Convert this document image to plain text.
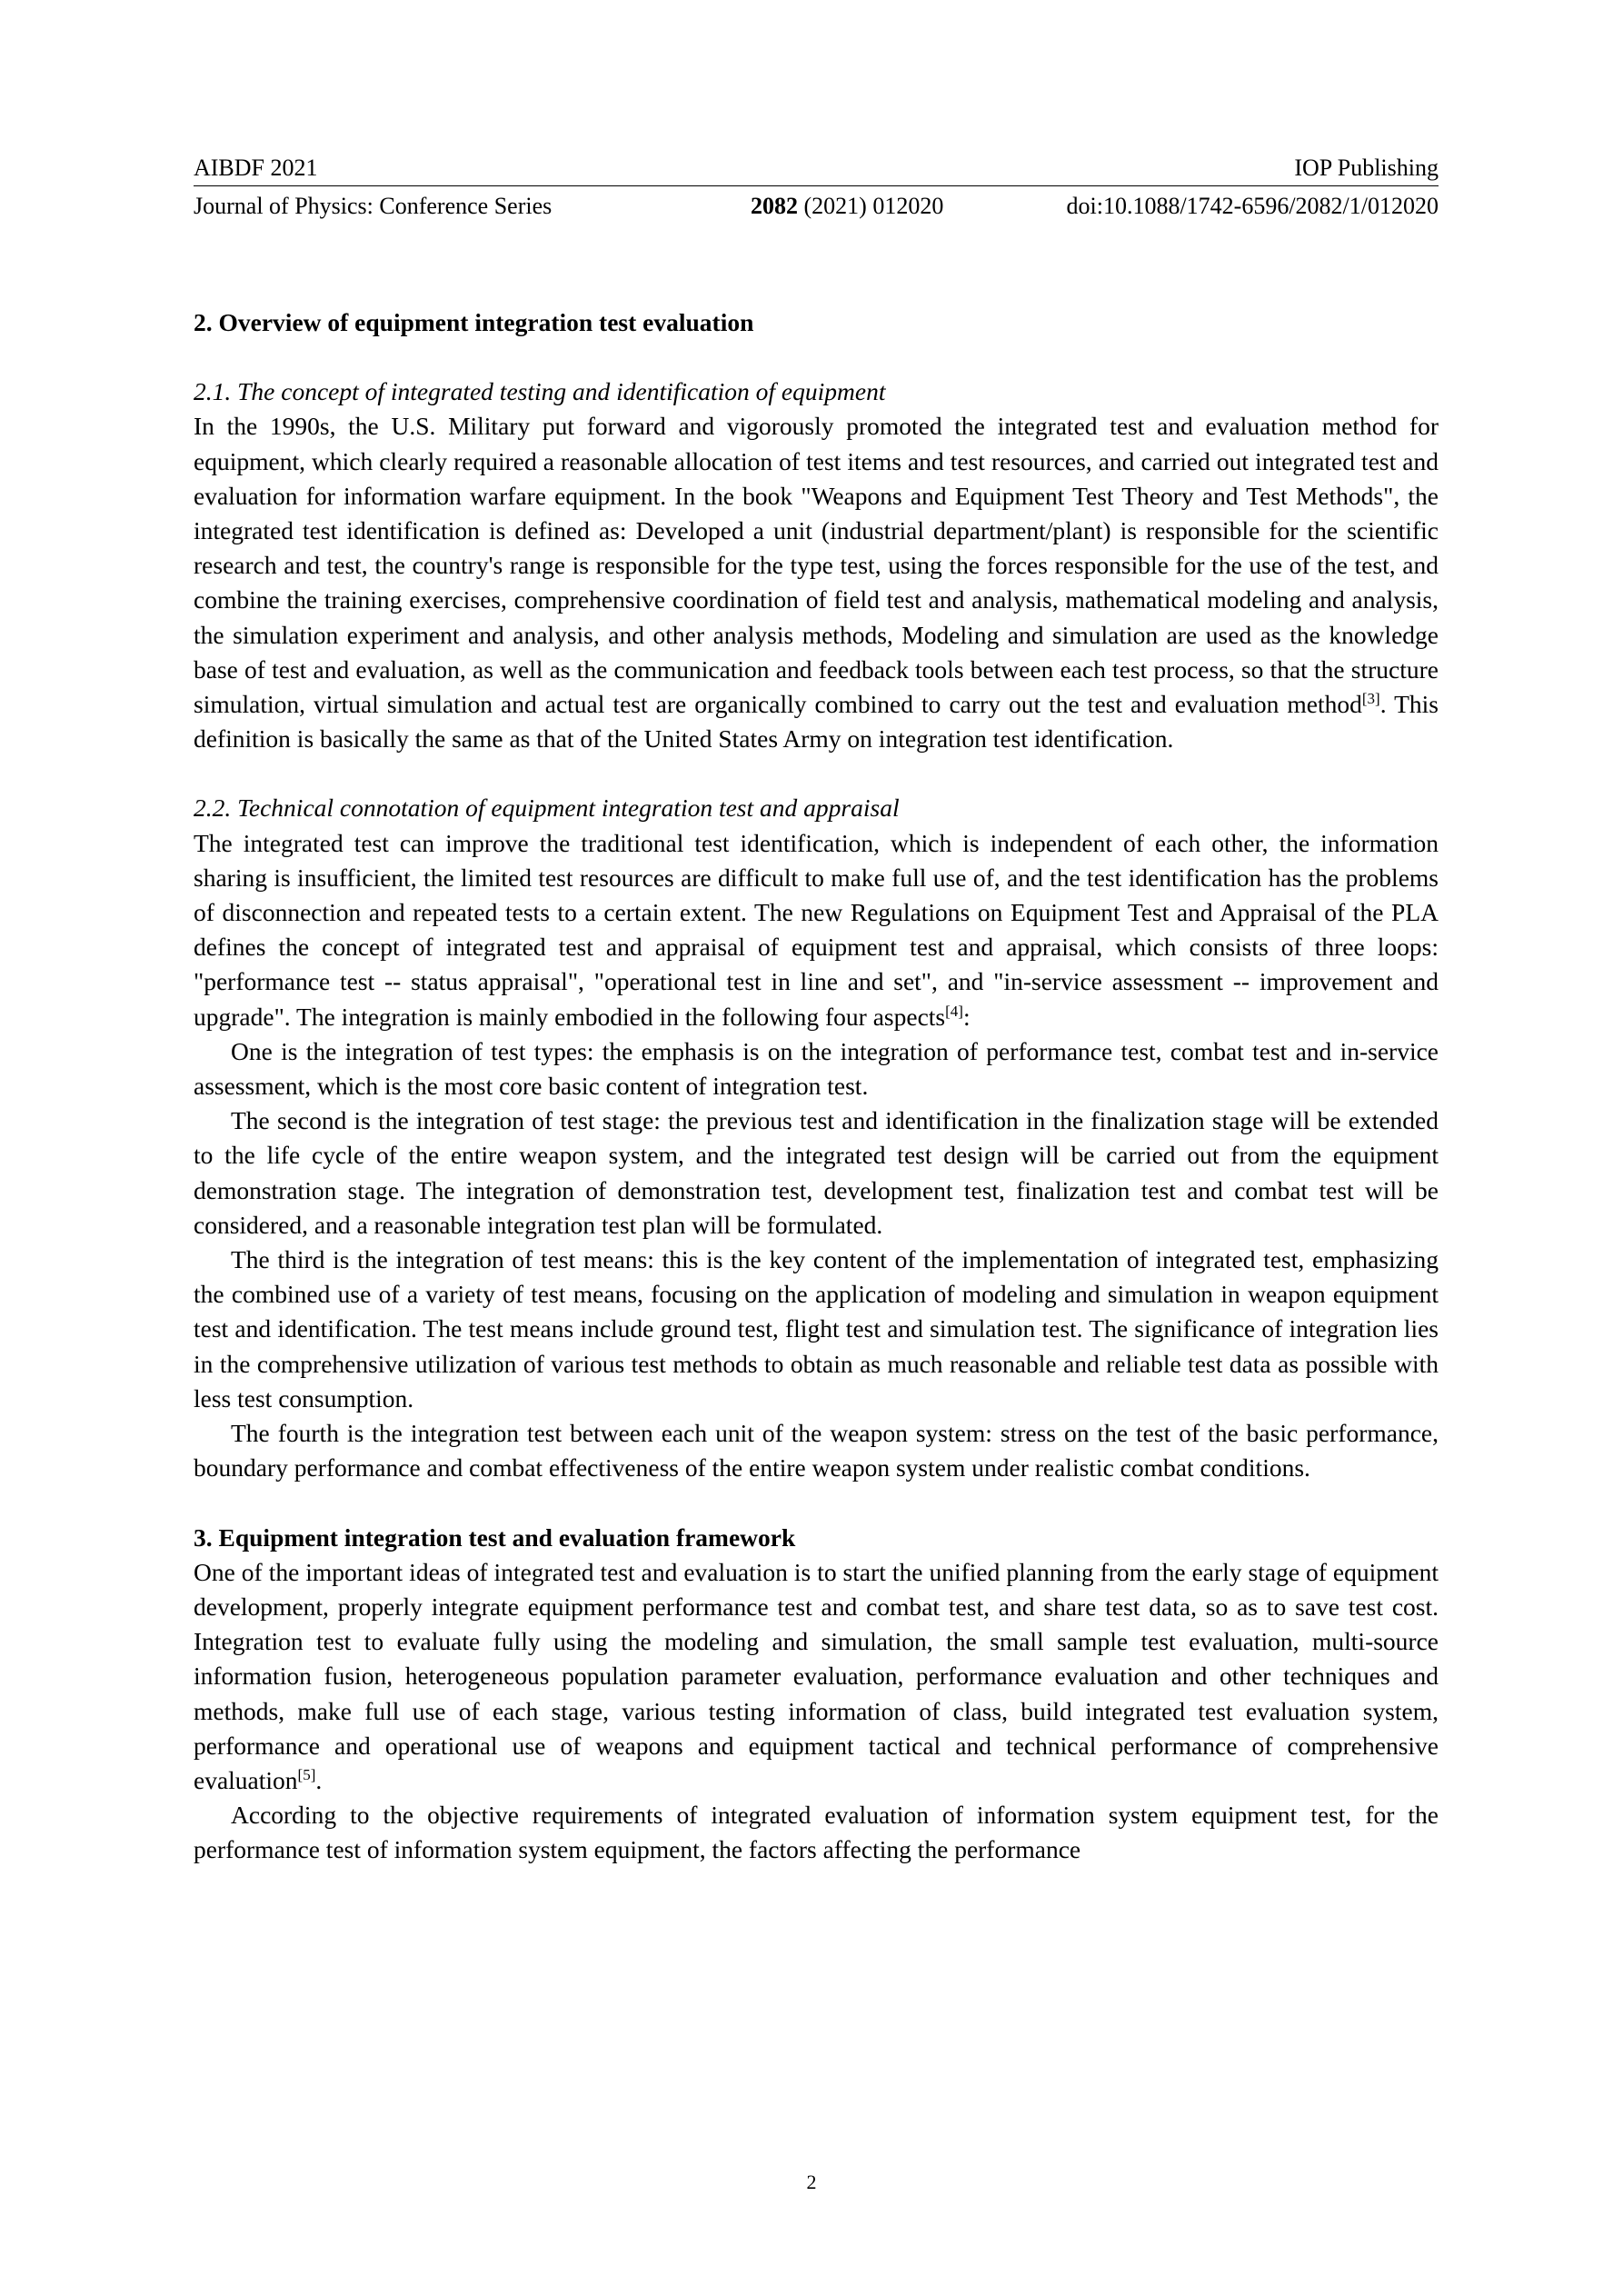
AIBDF 2021	IOP Publishing
Journal of Physics: Conference Series	2082 (2021) 012020	doi:10.1088/1742-6596/2082/1/012020

2. Overview of equipment integration test evaluation

2.1. The concept of integrated testing and identification of equipment

In the 1990s, the U.S. Military put forward and vigorously promoted the integrated test and evaluation method for equipment, which clearly required a reasonable allocation of test items and test resources, and carried out integrated test and evaluation for information warfare equipment. In the book "Weapons and Equipment Test Theory and Test Methods", the integrated test identification is defined as: Developed a unit (industrial department/plant) is responsible for the scientific research and test, the country's range is responsible for the type test, using the forces responsible for the use of the test, and combine the training exercises, comprehensive coordination of field test and analysis, mathematical modeling and analysis, the simulation experiment and analysis, and other analysis methods, Modeling and simulation are used as the knowledge base of test and evaluation, as well as the communication and feedback tools between each test process, so that the structure simulation, virtual simulation and actual test are organically combined to carry out the test and evaluation method[3]. This definition is basically the same as that of the United States Army on integration test identification.

2.2. Technical connotation of equipment integration test and appraisal

The integrated test can improve the traditional test identification, which is independent of each other, the information sharing is insufficient, the limited test resources are difficult to make full use of, and the test identification has the problems of disconnection and repeated tests to a certain extent. The new Regulations on Equipment Test and Appraisal of the PLA defines the concept of integrated test and appraisal of equipment test and appraisal, which consists of three loops: "performance test -- status appraisal", "operational test in line and set", and "in-service assessment -- improvement and upgrade". The integration is mainly embodied in the following four aspects[4]:

One is the integration of test types: the emphasis is on the integration of performance test, combat test and in-service assessment, which is the most core basic content of integration test.

The second is the integration of test stage: the previous test and identification in the finalization stage will be extended to the life cycle of the entire weapon system, and the integrated test design will be carried out from the equipment demonstration stage. The integration of demonstration test, development test, finalization test and combat test will be considered, and a reasonable integration test plan will be formulated.

The third is the integration of test means: this is the key content of the implementation of integrated test, emphasizing the combined use of a variety of test means, focusing on the application of modeling and simulation in weapon equipment test and identification. The test means include ground test, flight test and simulation test. The significance of integration lies in the comprehensive utilization of various test methods to obtain as much reasonable and reliable test data as possible with less test consumption.

The fourth is the integration test between each unit of the weapon system: stress on the test of the basic performance, boundary performance and combat effectiveness of the entire weapon system under realistic combat conditions.

3. Equipment integration test and evaluation framework

One of the important ideas of integrated test and evaluation is to start the unified planning from the early stage of equipment development, properly integrate equipment performance test and combat test, and share test data, so as to save test cost. Integration test to evaluate fully using the modeling and simulation, the small sample test evaluation, multi-source information fusion, heterogeneous population parameter evaluation, performance evaluation and other techniques and methods, make full use of each stage, various testing information of class, build integrated test evaluation system, performance and operational use of weapons and equipment tactical and technical performance of comprehensive evaluation[5].

According to the objective requirements of integrated evaluation of information system equipment test, for the performance test of information system equipment, the factors affecting the performance

2
